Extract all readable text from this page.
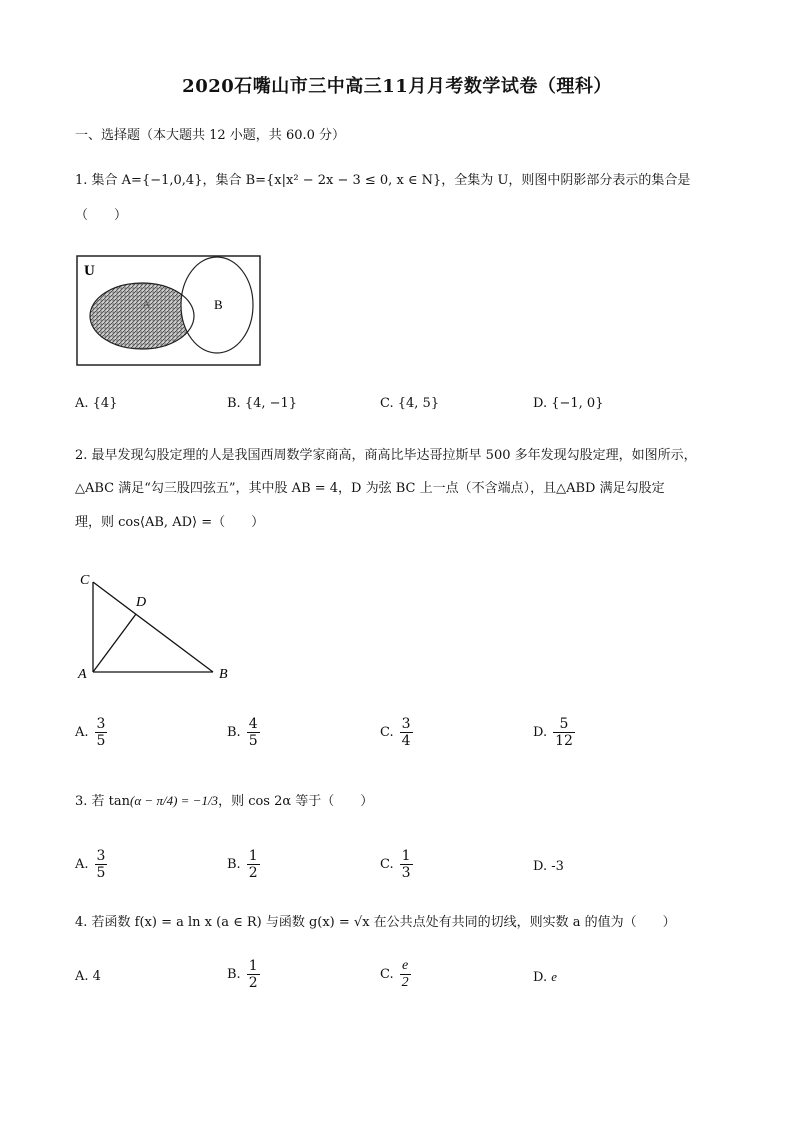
2020石嘴山市三中高三11月月考数学试卷（理科）
一、选择题（本大题共 12 小题，共 60.0 分）
1. 集合 A={−1,0,4}，集合 B={x|x² − 2x − 3 ≤ 0, x ∈ N}，全集为 U，则图中阴影部分表示的集合是
（　　）
U
A	B
A. {4}	B. {4, −1}	C. {4, 5}	D. {−1, 0}
2. 最早发现勾股定理的人是我国西周数学家商高，商高比毕达哥拉斯早 500 多年发现勾股定理，如图所示，
△ABC 满足“勾三股四弦五”，其中股 AB = 4，D 为弦 BC 上一点（不含端点），且△ABD 满足勾股定
理，则 cos⟨AB, AD⟩ =（　　）
C
D
A	B
A. $\frac{3}{5}$	B. $\frac{4}{5}$	C. $\frac{3}{4}$	D. $\frac{5}{12}$
3. 若 tan(α − π/4) = −1/3，则 cos 2α 等于（　　）
A. $\frac{3}{5}$	B. $\frac{1}{2}$	C. $\frac{1}{3}$	D. -3
4. 若函数 f(x) = a ln x (a ∈ R) 与函数 g(x) = √x 在公共点处有共同的切线，则实数 a 的值为（　　）
A. 4	B. $\frac{1}{2}$	C. $\frac{e}{2}$	D. e
